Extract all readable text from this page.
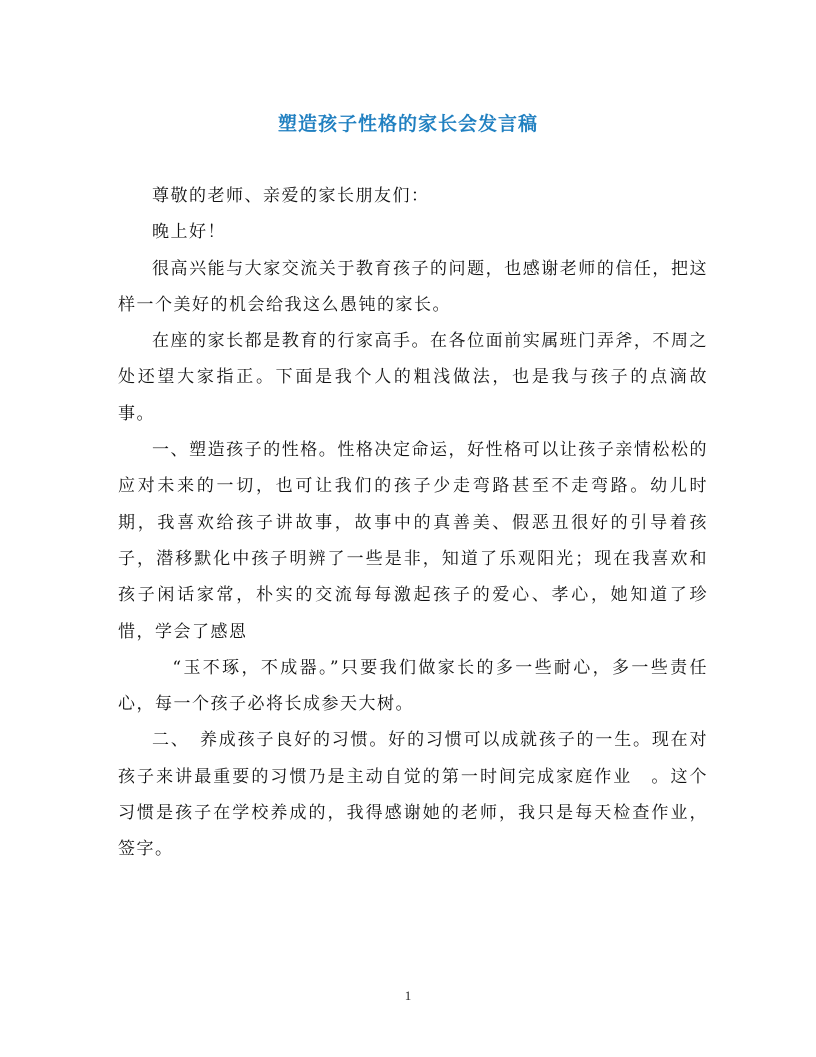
塑造孩子性格的家长会发言稿

尊敬的老师、亲爱的家长朋友们：

晚上好！

很高兴能与大家交流关于教育孩子的问题，也感谢老师的信任，把这样一个美好的机会给我这么愚钝的家长。

在座的家长都是教育的行家高手。在各位面前实属班门弄斧，不周之处还望大家指正。下面是我个人的粗浅做法，也是我与孩子的点滴故事。

一、塑造孩子的性格。性格决定命运，好性格可以让孩子亲情松松的应对未来的一切，也可让我们的孩子少走弯路甚至不走弯路。幼儿时期，我喜欢给孩子讲故事，故事中的真善美、假恶丑很好的引导着孩子，潜移默化中孩子明辨了一些是非，知道了乐观阳光；现在我喜欢和孩子闲话家常，朴实的交流每每激起孩子的爱心、孝心，她知道了珍惜，学会了感恩

“玉不琢，不成器。”只要我们做家长的多一些耐心，多一些责任心，每一个孩子必将长成参天大树。

二、　养成孩子良好的习惯。好的习惯可以成就孩子的一生。现在对孩子来讲最重要的习惯乃是主动自觉的第一时间完成家庭作业　。这个习惯是孩子在学校养成的，我得感谢她的老师，我只是每天检查作业，签字。

1
